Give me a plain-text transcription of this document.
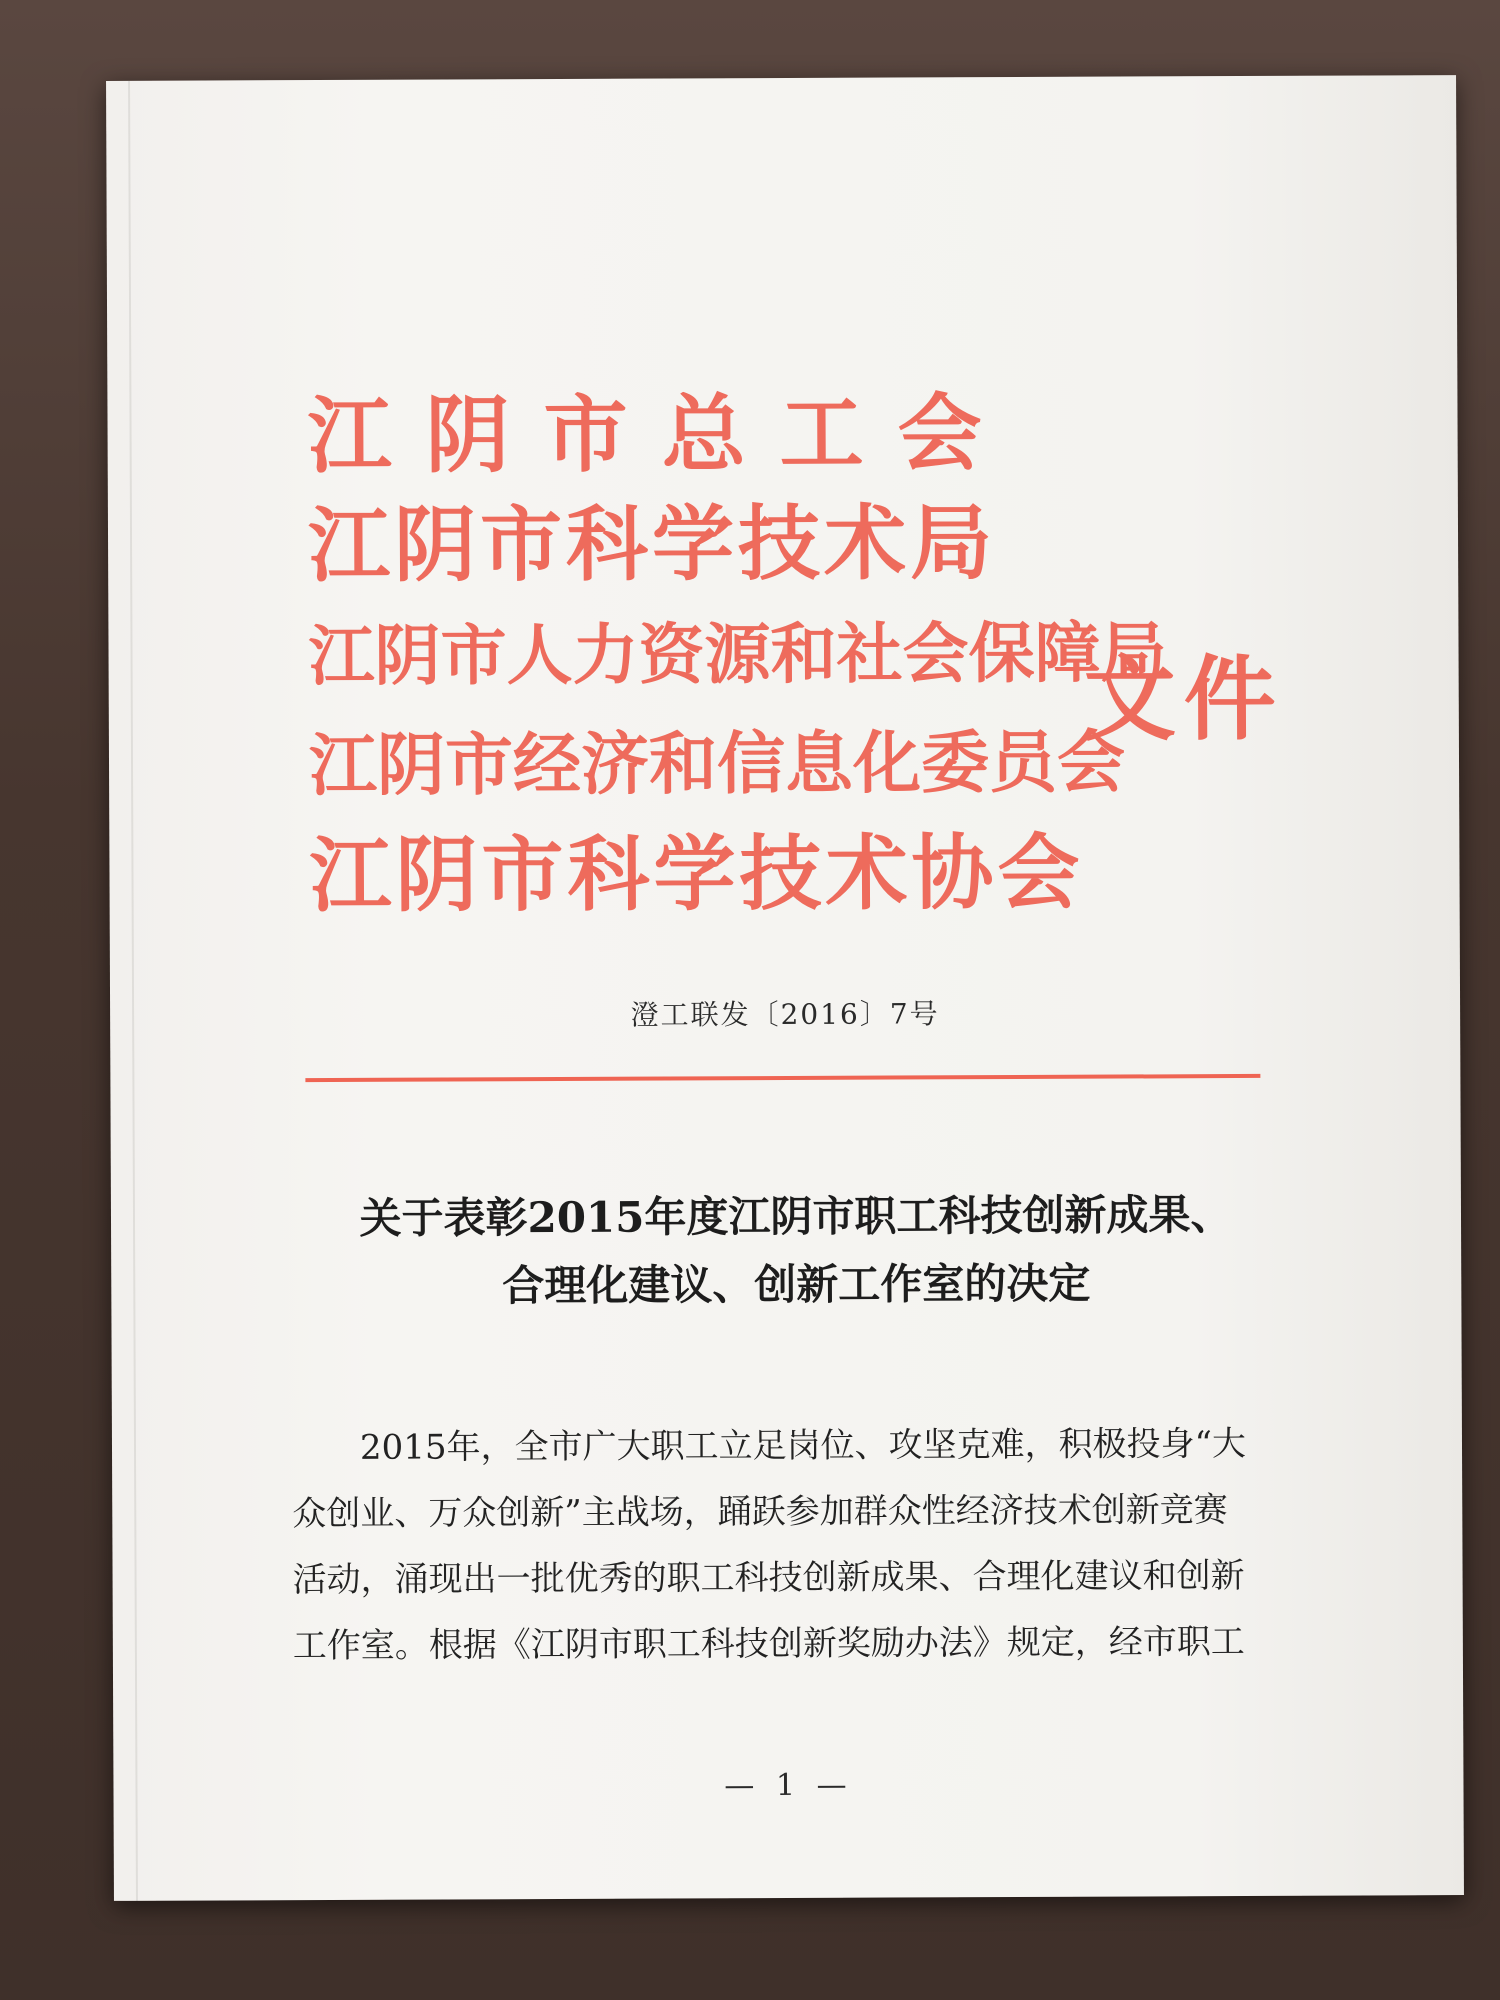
江阴市总工会
江阴市科学技术局
江阴市人力资源和社会保障局
江阴市经济和信息化委员会
江阴市科学技术协会
文件
澄工联发〔2016〕7号
关于表彰2015年度江阴市职工科技创新成果、
合理化建议、创新工作室的决定
　　2015年，全市广大职工立足岗位、攻坚克难，积极投身“大
众创业、万众创新”主战场，踊跃参加群众性经济技术创新竞赛
活动，涌现出一批优秀的职工科技创新成果、合理化建议和创新
工作室。根据《江阴市职工科技创新奖励办法》规定，经市职工
— 1 —
